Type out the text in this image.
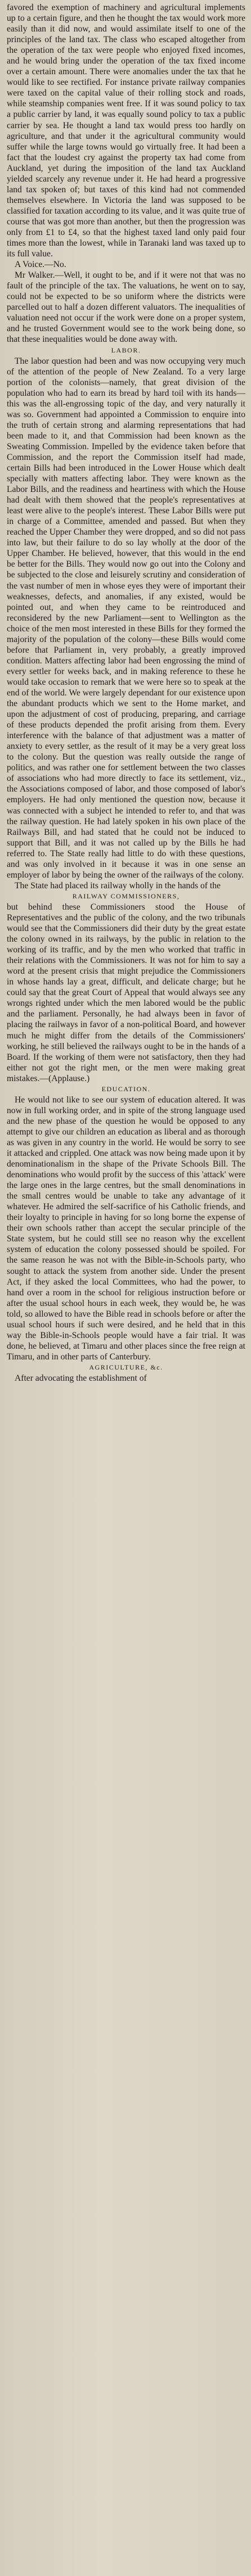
favored the exemption of machinery and agricultural implements up to a certain figure, and then he thought the tax would work more easily than it did now, and would assimilate itself to one of the principles of the land tax. The class who escaped altogether from the operation of the tax were people who enjoyed fixed incomes, and he would bring under the operation of the tax fixed income over a certain amount. There were anomalies under the tax that he would like to see rectified. For instance private railway companies were taxed on the capital value of their rolling stock and roads, while steamship companies went free. If it was sound policy to tax a public carrier by land, it was equally sound policy to tax a public carrier by sea. He thought a land tax would press too hardly on agriculture, and that under it the agricultural community would suffer while the large towns would go virtually free. It had been a fact that the loudest cry against the property tax had come from Auckland, yet during the imposition of the land tax Auckland yielded scarcely any revenue under it. He had heard a progressive land tax spoken of; but taxes of this kind had not commended themselves elsewhere. In Victoria the land was supposed to be classified for taxation according to its value, and it was quite true of course that was got more than another, but then the progression was only from £1 to £4, so that the highest taxed land only paid four times more than the lowest, while in Taranaki land was taxed up to its full value.

A Voice.—No.

Mr Walker.—Well, it ought to be, and if it were not that was no fault of the principle of the tax. The valuations, he went on to say, could not be expected to be so uniform where the districts were parcelled out to half a dozen different valuators. The inequalities of valuation need not occur if the work were done on a proper system, and he trusted Government would see to the work being done, so that these inequalities would be done away with.

LABOR.

The labor question had been and was now occupying very much of the attention of the people of New Zealand. To a very large portion of the colonists—namely, that great division of the population who had to earn its bread by hard toil with its hands—this was the all-engrossing topic of the day, and very naturally it was so. Government had appointed a Commission to enquire into the truth of certain strong and alarming representations that had been made to it, and that Commission had been known as the Sweating Commission. Impelled by the evidence taken before that Commission, and the report the Commission itself had made, certain Bills had been introduced in the Lower House which dealt specially with matters affecting labor. They were known as the Labor Bills, and the readiness and heartiness with which the House had dealt with them showed that the people's representatives at least were alive to the people's interest. These Labor Bills were put in charge of a Committee, amended and passed. But when they reached the Upper Chamber they were dropped, and so did not pass into law, but their failure to do so lay wholly at the door of the Upper Chamber. He believed, however, that this would in the end be better for the Bills. They would now go out into the Colony and be subjected to the close and leisurely scrutiny and consideration of the vast number of men in whose eyes they were of important their weaknesses, defects, and anomalies, if any existed, would be pointed out, and when they came to be reintroduced and reconsidered by the new Parliament—sent to Wellington as the choice of the men most interested in these Bills for they formed the majority of the population of the colony—these Bills would come before that Parliament in, very probably, a greatly improved condition. Matters affecting labor had been engrossing the mind of every settler for weeks back, and in making reference to these he would take occasion to remark that we were here so to speak at the end of the world. We were largely dependant for our existence upon the abundant products which we sent to the Home market, and upon the adjustment of cost of producing, preparing, and carriage of these products depended the profit arising from them. Every interference with the balance of that adjustment was a matter of anxiety to every settler, as the result of it may be a very great loss to the colony. But the question was really outside the range of politics, and was rather one for settlement between the two classes of associations who had more directly to face its settlement, viz., the Associations composed of labor, and those composed of labor's employers. He had only mentioned the question now, because it was connected with a subject he intended to refer to, and that was the railway question. He had lately spoken in his own place of the Railways Bill, and had stated that he could not be induced to support that Bill, and it was not called up by the Bills he had referred to. The State really had little to do with these questions, and was only involved in it because it was in one sense an employer of labor by being the owner of the railways of the colony.

The State had placed its railway wholly in the hands of the

RAILWAY COMMISSIONERS,

but behind these Commissioners stood the House of Representatives and the public of the colony, and the two tribunals would see that the Commissioners did their duty by the great estate the colony owned in its railways, by the public in relation to the working of its traffic, and by the men who worked that traffic in their relations with the Commissioners. It was not for him to say a word at the present crisis that might prejudice the Commissioners in whose hands lay a great, difficult, and delicate charge; but he could say that the great Court of Appeal that would always see any wrongs righted under which the men labored would be the public and the parliament. Personally, he had always been in favor of placing the railways in favor of a non-political Board, and however much he might differ from the details of the Commissioners' working, he still believed the railways ought to be in the hands of a Board. If the working of them were not satisfactory, then they had either not got the right men, or the men were making great mistakes.—(Applause.)

EDUCATION.

He would not like to see our system of education altered. It was now in full working order, and in spite of the strong language used and the new phase of the question he would be opposed to any attempt to give our children an education as liberal and as thorough as was given in any country in the world. He would be sorry to see it attacked and crippled. One attack was now being made upon it by denominationalism in the shape of the Private Schools Bill. The denominations who would profit by the success of this 'attack' were the large ones in the large centres, but the small denominations in the small centres would be unable to take any advantage of it whatever. He admired the self-sacrifice of his Catholic friends, and their loyalty to principle in having for so long borne the expense of their own schools rather than accept the secular principle of the State system, but he could still see no reason why the excellent system of education the colony possessed should be spoiled. For the same reason he was not with the Bible-in-Schools party, who sought to attack the system from another side. Under the present Act, if they asked the local Committees, who had the power, to hand over a room in the school for religious instruction before or after the usual school hours in each week, they would be, he was told, so allowed to have the Bible read in schools before or after the usual school hours if such were desired, and he held that in this way the Bible-in-Schools people would have a fair trial. It was done, he believed, at Timaru and other places since the free reign at Timaru, and in other parts of Canterbury.

AGRICULTURE, &c.

After advocating the establishment of
